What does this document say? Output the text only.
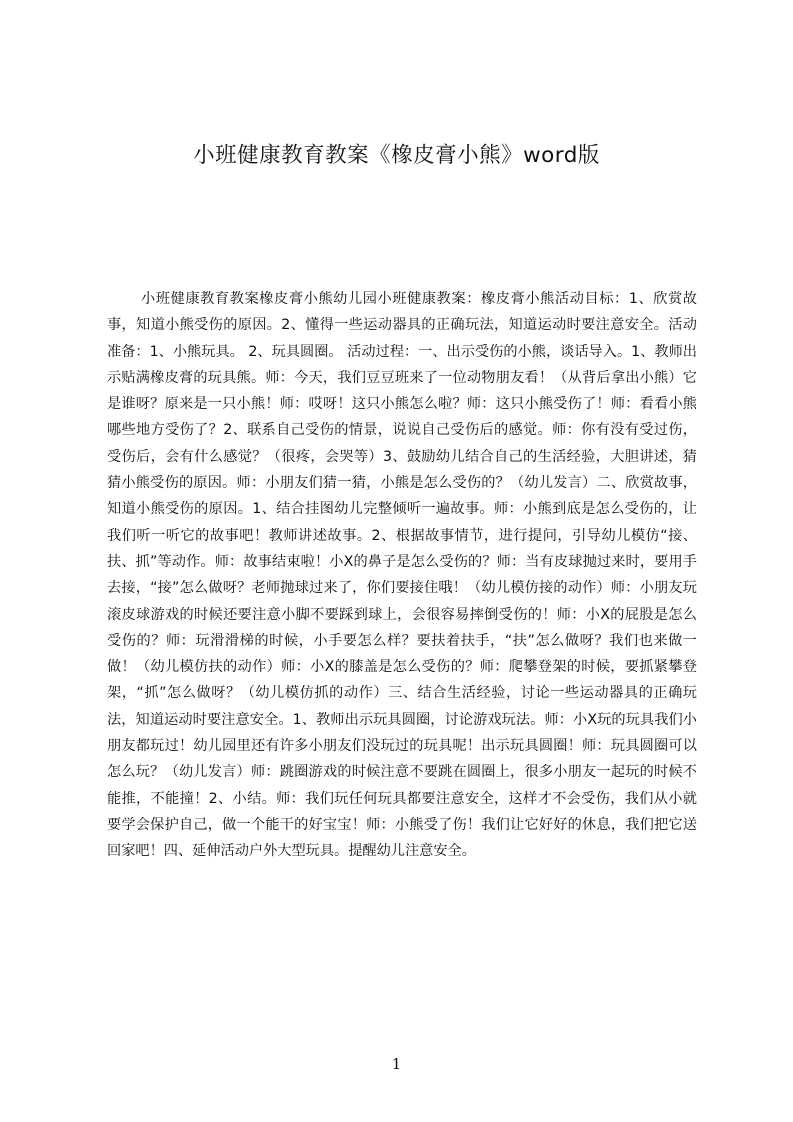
小班健康教育教案《橡皮膏小熊》word版

小班健康教育教案橡皮膏小熊幼儿园小班健康教案：橡皮膏小熊活动目标：1、欣赏故事，知道小熊受伤的原因。2、懂得一些运动器具的正确玩法，知道运动时要注意安全。活动准备：1、小熊玩具。 2、玩具圆圈。 活动过程：一、出示受伤的小熊，谈话导入。1、教师出示贴满橡皮膏的玩具熊。师：今天，我们豆豆班来了一位动物朋友看！（从背后拿出小熊）它是谁呀？原来是一只小熊！师：哎呀！这只小熊怎么啦？师：这只小熊受伤了！师：看看小熊哪些地方受伤了？2、联系自己受伤的情景，说说自己受伤后的感觉。师：你有没有受过伤，受伤后，会有什么感觉？（很疼，会哭等）3、鼓励幼儿结合自己的生活经验，大胆讲述，猜猜小熊受伤的原因。师：小朋友们猜一猜，小熊是怎么受伤的？（幼儿发言）二、欣赏故事，知道小熊受伤的原因。1、结合挂图幼儿完整倾听一遍故事。师：小熊到底是怎么受伤的，让我们听一听它的故事吧！教师讲述故事。2、根据故事情节，进行提问，引导幼儿模仿“接、扶、抓”等动作。师：故事结束啦！小X的鼻子是怎么受伤的？师：当有皮球抛过来时，要用手去接，“接”怎么做呀？老师抛球过来了，你们要接住哦！（幼儿模仿接的动作）师：小朋友玩滚皮球游戏的时候还要注意小脚不要踩到球上，会很容易摔倒受伤的！师：小X的屁股是怎么受伤的？师：玩滑滑梯的时候，小手要怎么样？要扶着扶手，“扶”怎么做呀？我们也来做一做！（幼儿模仿扶的动作）师：小X的膝盖是怎么受伤的？师：爬攀登架的时候，要抓紧攀登架，“抓”怎么做呀？（幼儿模仿抓的动作）三、结合生活经验，讨论一些运动器具的正确玩法，知道运动时要注意安全。1、教师出示玩具圆圈，讨论游戏玩法。师：小X玩的玩具我们小朋友都玩过！幼儿园里还有许多小朋友们没玩过的玩具呢！出示玩具圆圈！师：玩具圆圈可以怎么玩？（幼儿发言）师：跳圈游戏的时候注意不要跳在圆圈上，很多小朋友一起玩的时候不能推，不能撞！2、小结。师：我们玩任何玩具都要注意安全，这样才不会受伤，我们从小就要学会保护自己，做一个能干的好宝宝！师：小熊受了伤！我们让它好好的休息，我们把它送回家吧！四、延伸活动户外大型玩具。提醒幼儿注意安全。

1
